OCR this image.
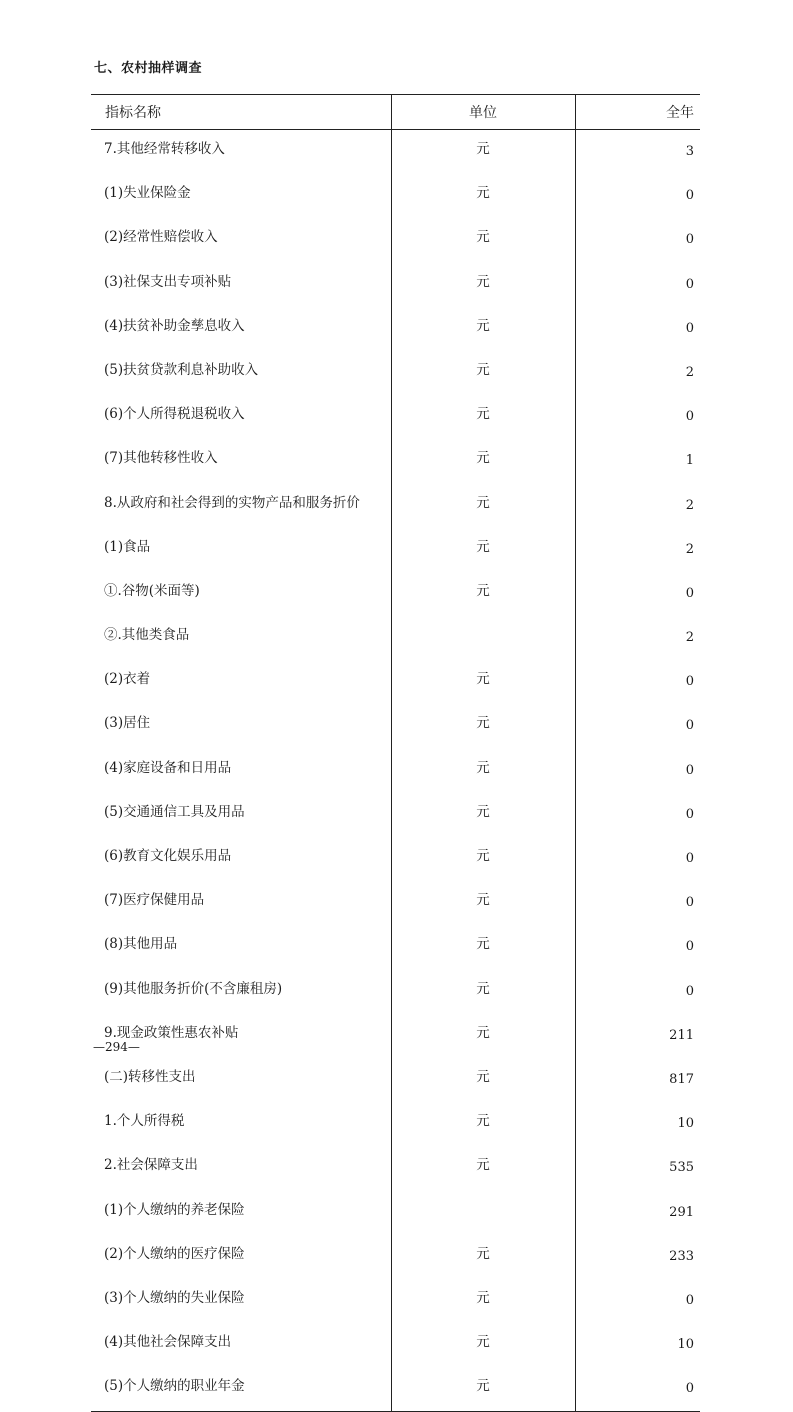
七、农村抽样调查
指标名称	单位	全年
7.其他经常转移收入	元	3
(1)失业保险金	元	0
(2)经常性赔偿收入	元	0
(3)社保支出专项补贴	元	0
(4)扶贫补助金孳息收入	元	0
(5)扶贫贷款利息补助收入	元	2
(6)个人所得税退税收入	元	0
(7)其他转移性收入	元	1
8.从政府和社会得到的实物产品和服务折价	元	2
(1)食品	元	2
①.谷物(米面等)	元	0
②.其他类食品		2
(2)衣着	元	0
(3)居住	元	0
(4)家庭设备和日用品	元	0
(5)交通通信工具及用品	元	0
(6)教育文化娱乐用品	元	0
(7)医疗保健用品	元	0
(8)其他用品	元	0
(9)其他服务折价(不含廉租房)	元	0
9.现金政策性惠农补贴	元	211
(二)转移性支出	元	817
1.个人所得税	元	10
2.社会保障支出	元	535
(1)个人缴纳的养老保险		291
(2)个人缴纳的医疗保险	元	233
(3)个人缴纳的失业保险	元	0
(4)其他社会保障支出	元	10
(5)个人缴纳的职业年金	元	0
—294—
